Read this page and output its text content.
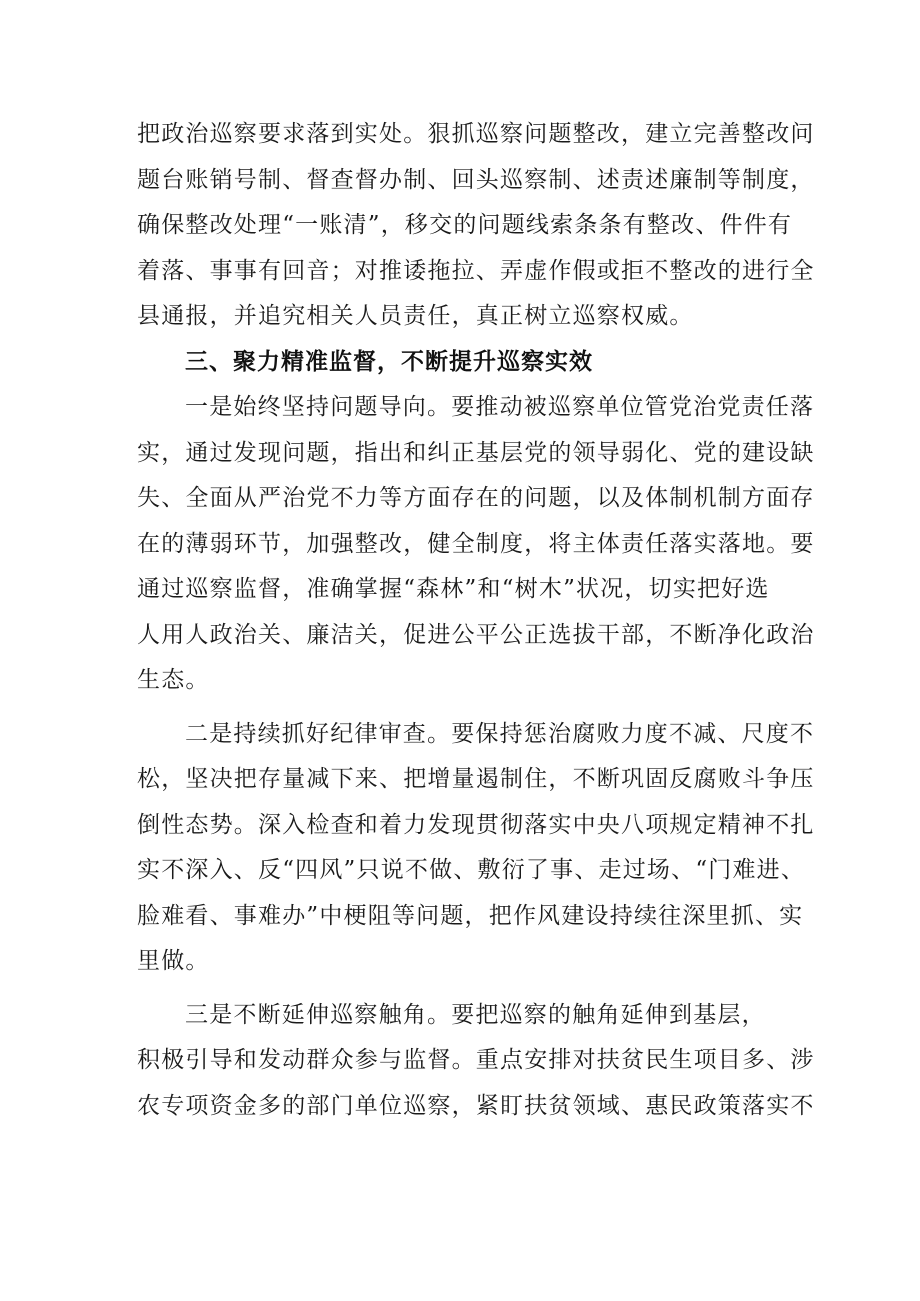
把政治巡察要求落到实处。狠抓巡察问题整改，建立完善整改问
题台账销号制、督查督办制、回头巡察制、述责述廉制等制度，
确保整改处理“一账清”，移交的问题线索条条有整改、件件有
着落、事事有回音；对推诿拖拉、弄虚作假或拒不整改的进行全
县通报，并追究相关人员责任，真正树立巡察权威。

三、聚力精准监督，不断提升巡察实效

一是始终坚持问题导向。要推动被巡察单位管党治党责任落
实，通过发现问题，指出和纠正基层党的领导弱化、党的建设缺
失、全面从严治党不力等方面存在的问题，以及体制机制方面存
在的薄弱环节，加强整改，健全制度，将主体责任落实落地。要
通过巡察监督，准确掌握“森林”和“树木”状况，切实把好选
人用人政治关、廉洁关，促进公平公正选拔干部，不断净化政治
生态。

二是持续抓好纪律审查。要保持惩治腐败力度不减、尺度不
松，坚决把存量减下来、把增量遏制住，不断巩固反腐败斗争压
倒性态势。深入检查和着力发现贯彻落实中央八项规定精神不扎
实不深入、反“四风”只说不做、敷衍了事、走过场、“门难进、
脸难看、事难办”中梗阻等问题，把作风建设持续往深里抓、实
里做。

三是不断延伸巡察触角。要把巡察的触角延伸到基层，
积极引导和发动群众参与监督。重点安排对扶贫民生项目多、涉
农专项资金多的部门单位巡察，紧盯扶贫领域、惠民政策落实不
